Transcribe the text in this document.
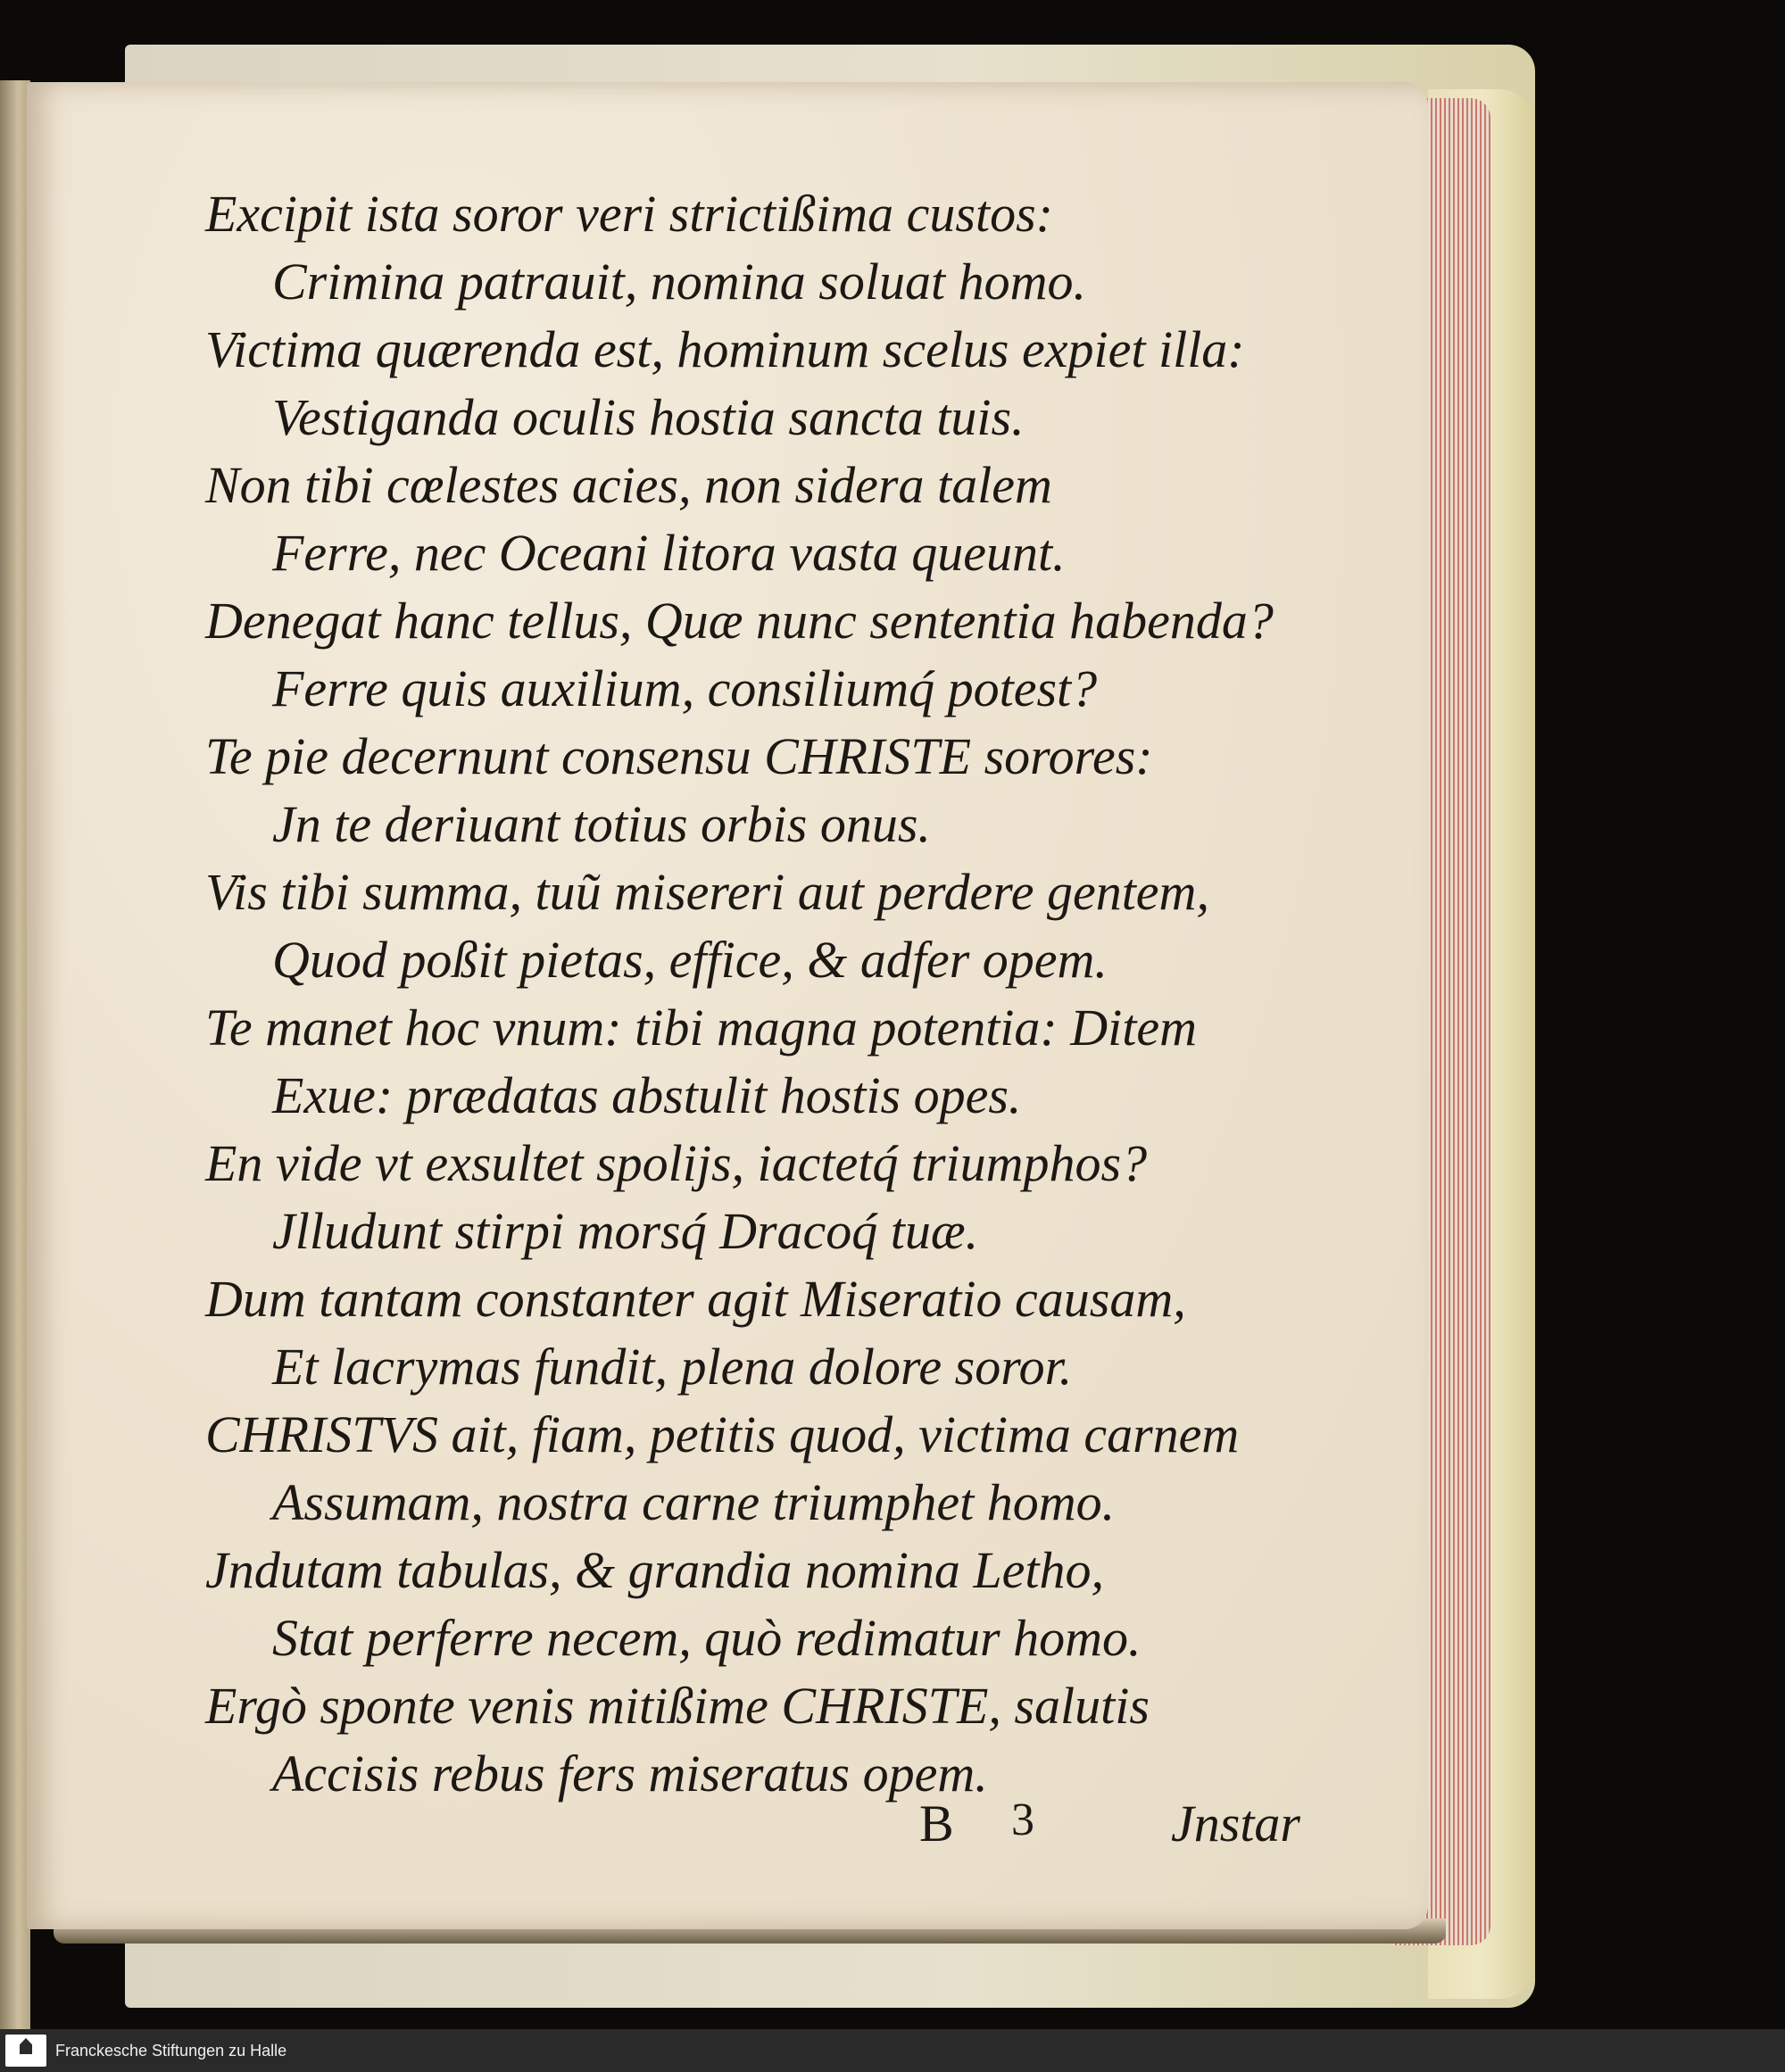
Excipit ista soror veri strictißima custos:
Crimina patrauit, nomina soluat homo.
Victima quærenda est, hominum scelus expiet illa:
Vestiganda oculis hostia sancta tuis.
Non tibi cœlestes acies, non sidera talem
Ferre, nec Oceani litora vasta queunt.
Denegat hanc tellus, Quæ nunc sententia habenda?
Ferre quis auxilium, consiliumq́ potest?
Te pie decernunt consensu CHRISTE sorores:
Jn te deriuant totius orbis onus.
Vis tibi summa, tuũ misereri aut perdere gentem,
Quod poßit pietas, effice, & adfer opem.
Te manet hoc vnum: tibi magna potentia: Ditem
Exue: prædatas abstulit hostis opes.
En vide vt exsultet spolijs, iactetq́ triumphos?
Jlludunt stirpi morsq́ Dracoq́ tuæ.
Dum tantam constanter agit Miseratio causam,
Et lacrymas fundit, plena dolore soror.
CHRISTVS ait, fiam, petitis quod, victima carnem
Assumam, nostra carne triumphet homo.
Jndutam tabulas, & grandia nomina Letho,
Stat perferre necem, quò redimatur homo.
Ergò sponte venis mitißime CHRISTE, salutis
Accisis rebus fers miseratus opem.
B 3	Jnstar
Franckesche Stiftungen zu Halle
